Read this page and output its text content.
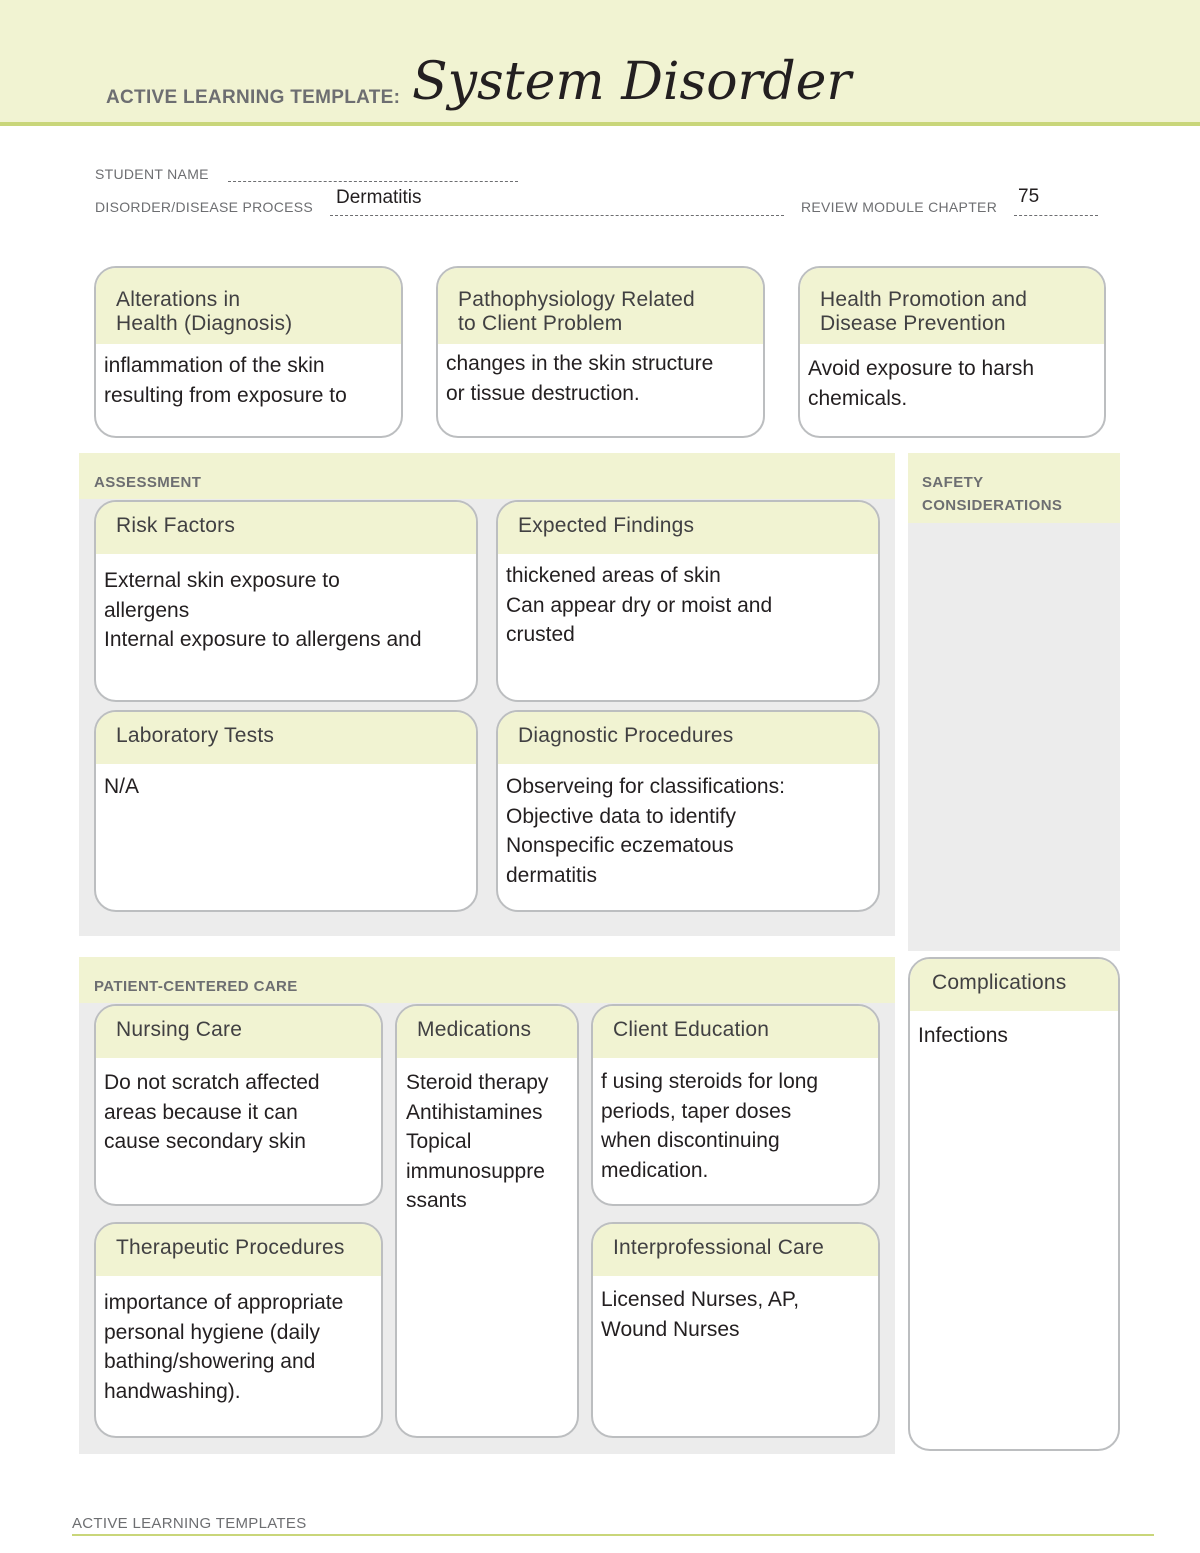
ACTIVE LEARNING TEMPLATE: System Disorder
STUDENT NAME
DISORDER/DISEASE PROCESS Dermatitis	REVIEW MODULE CHAPTER 75
Alterations in
Health (Diagnosis)
inflammation of the skin
resulting from exposure to
Pathophysiology Related
to Client Problem
changes in the skin structure
or tissue destruction.
Health Promotion and
Disease Prevention
Avoid exposure to harsh
chemicals.
ASSESSMENT
Risk Factors
External skin exposure to
allergens
Internal exposure to allergens and
Expected Findings
thickened areas of skin
Can appear dry or moist and
crusted
Laboratory Tests
N/A
Diagnostic Procedures
Observeing for classifications:
Objective data to identify
Nonspecific eczematous
dermatitis
SAFETY
CONSIDERATIONS
Complications
Infections
PATIENT-CENTERED CARE
Nursing Care
Do not scratch affected
areas because it can
cause secondary skin
Medications
Steroid therapy
Antihistamines
Topical
immunosuppre
ssants
Client Education
f using steroids for long
periods, taper doses
when discontinuing
medication.
Therapeutic Procedures
importance of appropriate
personal hygiene (daily
bathing/showering and
handwashing).
Interprofessional Care
Licensed Nurses, AP,
Wound Nurses
ACTIVE LEARNING TEMPLATES
